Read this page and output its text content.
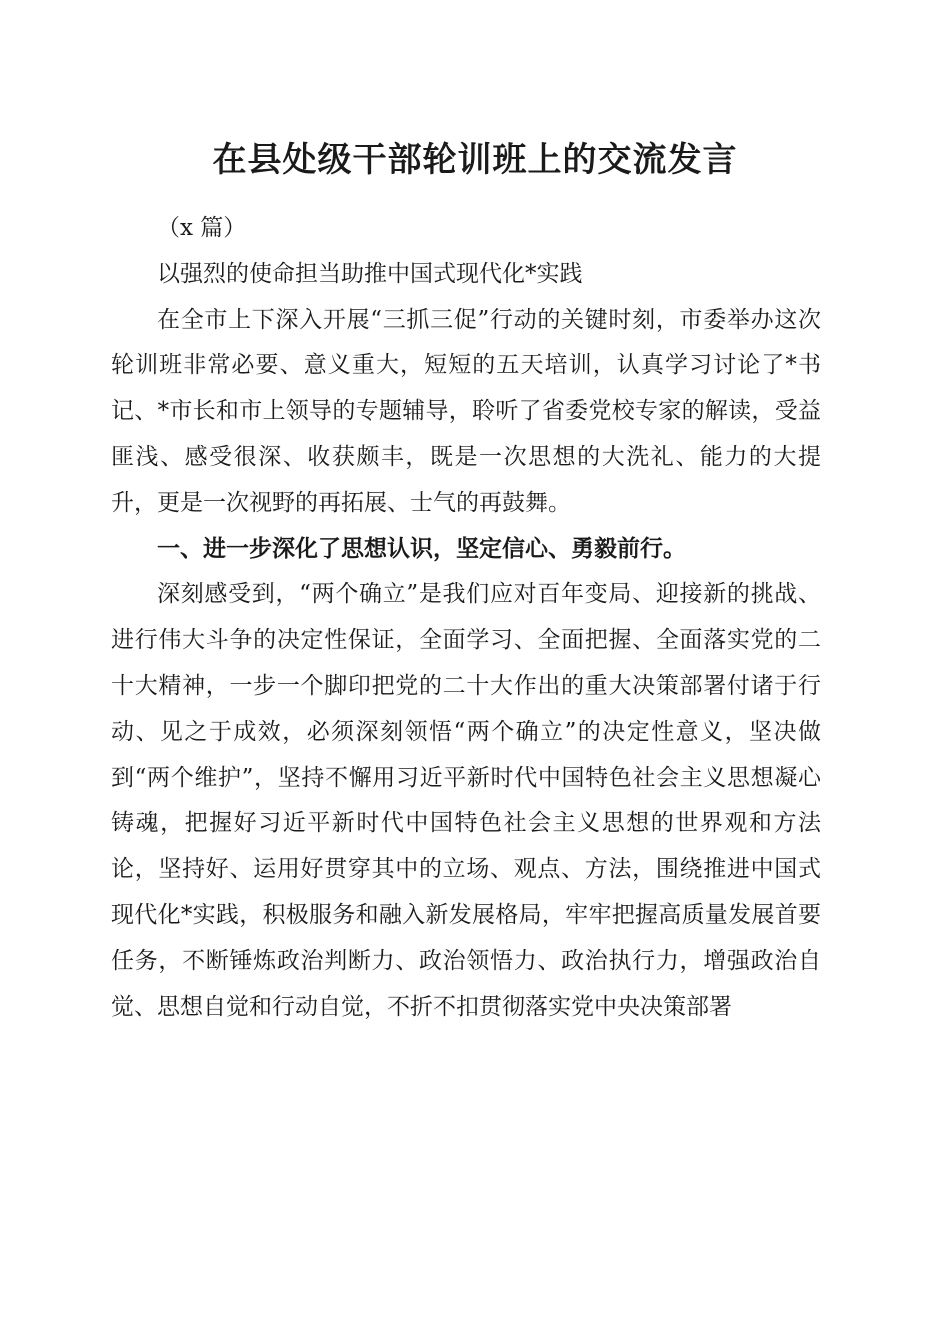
在县处级干部轮训班上的交流发言

（x 篇）

以强烈的使命担当助推中国式现代化*实践

在全市上下深入开展“三抓三促”行动的关键时刻，市委举办这次轮训班非常必要、意义重大，短短的五天培训，认真学习讨论了*书记、*市长和市上领导的专题辅导，聆听了省委党校专家的解读，受益匪浅、感受很深、收获颇丰，既是一次思想的大洗礼、能力的大提升，更是一次视野的再拓展、士气的再鼓舞。

一、进一步深化了思想认识，坚定信心、勇毅前行。

深刻感受到，“两个确立”是我们应对百年变局、迎接新的挑战、进行伟大斗争的决定性保证，全面学习、全面把握、全面落实党的二十大精神，一步一个脚印把党的二十大作出的重大决策部署付诸于行动、见之于成效，必须深刻领悟“两个确立”的决定性意义，坚决做到“两个维护”，坚持不懈用习近平新时代中国特色社会主义思想凝心铸魂，把握好习近平新时代中国特色社会主义思想的世界观和方法论，坚持好、运用好贯穿其中的立场、观点、方法，围绕推进中国式现代化*实践，积极服务和融入新发展格局，牢牢把握高质量发展首要任务，不断锤炼政治判断力、政治领悟力、政治执行力，增强政治自觉、思想自觉和行动自觉，不折不扣贯彻落实党中央决策部署
